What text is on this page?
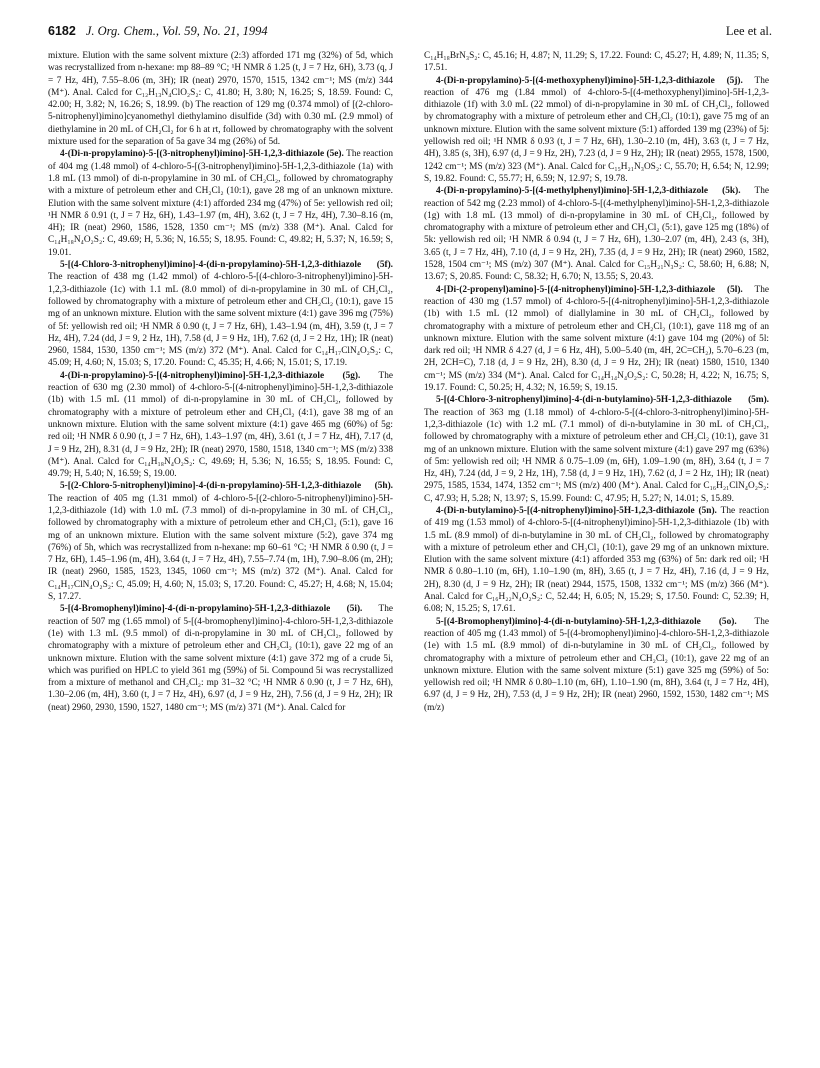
6182 J. Org. Chem., Vol. 59, No. 21, 1994	Lee et al.

mixture. Elution with the same solvent mixture (2:3) afforded 171 mg (32%) of 5d, which was recrystallized from n-hexane: mp 88–89 °C; ¹H NMR δ 1.25 (t, J = 7 Hz, 6H), 3.73 (q, J = 7 Hz, 4H), 7.55–8.06 (m, 3H); IR (neat) 2970, 1570, 1515, 1342 cm⁻¹; MS (m/z) 344 (M⁺). Anal. Calcd for C₁₂H₁₃N₄ClO₂S₂: C, 41.80; H, 3.80; N, 16.25; S, 18.59. Found: C, 42.00; H, 3.82; N, 16.26; S, 18.99. (b) The reaction of 129 mg (0.374 mmol) of [(2-chloro-5-nitrophenyl)imino]cyanomethyl diethylamino disulfide (3d) with 0.30 mL (2.9 mmol) of diethylamine in 20 mL of CH₂Cl₂ for 6 h at rt, followed by chromatography with the solvent mixture used for the separation of 5a gave 34 mg (26%) of 5d.

4-(Di-n-propylamino)-5-[(3-nitrophenyl)imino]-5H-1,2,3-dithiazole (5e). The reaction of 404 mg (1.48 mmol) of 4-chloro-5-[(3-nitrophenyl)imino]-5H-1,2,3-dithiazole (1a) with 1.8 mL (13 mmol) of di-n-propylamine in 30 mL of CH₂Cl₂, followed by chromatography with a mixture of petroleum ether and CH₂Cl₂ (10:1), gave 28 mg of an unknown mixture. Elution with the same solvent mixture (4:1) afforded 234 mg (47%) of 5e: yellowish red oil; ¹H NMR δ 0.91 (t, J = 7 Hz, 6H), 1.43–1.97 (m, 4H), 3.62 (t, J = 7 Hz, 4H), 7.30–8.16 (m, 4H); IR (neat) 2960, 1586, 1528, 1350 cm⁻¹; MS (m/z) 338 (M⁺). Anal. Calcd for C₁₄H₁₈N₄O₂S₂: C, 49.69; H, 5.36; N, 16.55; S, 18.95. Found: C, 49.82; H, 5.37; N, 16.59; S, 19.01.

5-[(4-Chloro-3-nitrophenyl)imino]-4-(di-n-propylamino)-5H-1,2,3-dithiazole (5f). The reaction of 438 mg (1.42 mmol) of 4-chloro-5-[(4-chloro-3-nitrophenyl)imino]-5H-1,2,3-dithiazole (1c) with 1.1 mL (8.0 mmol) of di-n-propylamine in 30 mL of CH₂Cl₂, followed by chromatography with a mixture of petroleum ether and CH₂Cl₂ (10:1), gave 15 mg of an unknown mixture. Elution with the same solvent mixture (4:1) gave 396 mg (75%) of 5f: yellowish red oil; ¹H NMR δ 0.90 (t, J = 7 Hz, 6H), 1.43–1.94 (m, 4H), 3.59 (t, J = 7 Hz, 4H), 7.24 (dd, J = 9, 2 Hz, 1H), 7.58 (d, J = 9 Hz, 1H), 7.62 (d, J = 2 Hz, 1H); IR (neat) 2960, 1584, 1530, 1350 cm⁻¹; MS (m/z) 372 (M⁺). Anal. Calcd for C₁₄H₁₇ClN₄O₂S₂: C, 45.09; H, 4.60; N, 15.03; S, 17.20. Found: C, 45.35; H, 4.66; N, 15.01; S, 17.19.

4-(Di-n-propylamino)-5-[(4-nitrophenyl)imino]-5H-1,2,3-dithiazole (5g). The reaction of 630 mg (2.30 mmol) of 4-chloro-5-[(4-nitrophenyl)imino]-5H-1,2,3-dithiazole (1b) with 1.5 mL (11 mmol) of di-n-propylamine in 30 mL of CH₂Cl₂, followed by chromatography with a mixture of petroleum ether and CH₂Cl₂ (4:1), gave 38 mg of an unknown mixture. Elution with the same solvent mixture (4:1) gave 465 mg (60%) of 5g: red oil; ¹H NMR δ 0.90 (t, J = 7 Hz, 6H), 1.43–1.97 (m, 4H), 3.61 (t, J = 7 Hz, 4H), 7.17 (d, J = 9 Hz, 2H), 8.31 (d, J = 9 Hz, 2H); IR (neat) 2970, 1580, 1518, 1340 cm⁻¹; MS (m/z) 338 (M⁺). Anal. Calcd for C₁₄H₁₈N₄O₂S₂: C, 49.69; H, 5.36; N, 16.55; S, 18.95. Found: C, 49.79; H, 5.40; N, 16.59; S, 19.00.

5-[(2-Chloro-5-nitrophenyl)imino]-4-(di-n-propylamino)-5H-1,2,3-dithiazole (5h). The reaction of 405 mg (1.31 mmol) of 4-chloro-5-[(2-chloro-5-nitrophenyl)imino]-5H-1,2,3-dithiazole (1d) with 1.0 mL (7.3 mmol) of di-n-propylamine in 30 mL of CH₂Cl₂, followed by chromatography with a mixture of petroleum ether and CH₂Cl₂ (5:1), gave 16 mg of an unknown mixture. Elution with the same solvent mixture (5:2), gave 374 mg (76%) of 5h, which was recrystallized from n-hexane: mp 60–61 °C; ¹H NMR δ 0.90 (t, J = 7 Hz, 6H), 1.45–1.96 (m, 4H), 3.64 (t, J = 7 Hz, 4H), 7.55–7.74 (m, 1H), 7.90–8.06 (m, 2H); IR (neat) 2960, 1585, 1523, 1345, 1060 cm⁻¹; MS (m/z) 372 (M⁺). Anal. Calcd for C₁₄H₁₇ClN₄O₂S₂: C, 45.09; H, 4.60; N, 15.03; S, 17.20. Found: C, 45.27; H, 4.68; N, 15.04; S, 17.27.

5-[(4-Bromophenyl)imino]-4-(di-n-propylamino)-5H-1,2,3-dithiazole (5i). The reaction of 507 mg (1.65 mmol) of 5-[(4-bromophenyl)imino]-4-chloro-5H-1,2,3-dithiazole (1e) with 1.3 mL (9.5 mmol) of di-n-propylamine in 30 mL of CH₂Cl₂, followed by chromatography with a mixture of petroleum ether and CH₂Cl₂ (10:1), gave 22 mg of an unknown mixture. Elution with the same solvent mixture (4:1) gave 372 mg of a crude 5i, which was purified on HPLC to yield 361 mg (59%) of 5i. Compound 5i was recrystallized from a mixture of methanol and CH₂Cl₂: mp 31–32 °C; ¹H NMR δ 0.90 (t, J = 7 Hz, 6H), 1.30–2.06 (m, 4H), 3.60 (t, J = 7 Hz, 4H), 6.97 (d, J = 9 Hz, 2H), 7.56 (d, J = 9 Hz, 2H); IR (neat) 2960, 2930, 1590, 1527, 1480 cm⁻¹; MS (m/z) 371 (M⁺). Anal. Calcd for

C₁₄H₁₈BrN₃S₂: C, 45.16; H, 4.87; N, 11.29; S, 17.22. Found: C, 45.27; H, 4.89; N, 11.35; S, 17.51.

4-(Di-n-propylamino)-5-[(4-methoxyphenyl)imino]-5H-1,2,3-dithiazole (5j). The reaction of 476 mg (1.84 mmol) of 4-chloro-5-[(4-methoxyphenyl)imino]-5H-1,2,3-dithiazole (1f) with 3.0 mL (22 mmol) of di-n-propylamine in 30 mL of CH₂Cl₂, followed by chromatography with a mixture of petroleum ether and CH₂Cl₂ (10:1), gave 75 mg of an unknown mixture. Elution with the same solvent mixture (5:1) afforded 139 mg (23%) of 5j: yellowish red oil; ¹H NMR δ 0.93 (t, J = 7 Hz, 6H), 1.30–2.10 (m, 4H), 3.63 (t, J = 7 Hz, 4H), 3.85 (s, 3H), 6.97 (d, J = 9 Hz, 2H), 7.23 (d, J = 9 Hz, 2H); IR (neat) 2955, 1578, 1500, 1242 cm⁻¹; MS (m/z) 323 (M⁺). Anal. Calcd for C₁₅H₂₁N₃OS₂: C, 55.70; H, 6.54; N, 12.99; S, 19.82. Found: C, 55.77; H, 6.59; N, 12.97; S, 19.78.

4-(Di-n-propylamino)-5-[(4-methylphenyl)imino]-5H-1,2,3-dithiazole (5k). The reaction of 542 mg (2.23 mmol) of 4-chloro-5-[(4-methylphenyl)imino]-5H-1,2,3-dithiazole (1g) with 1.8 mL (13 mmol) of di-n-propylamine in 30 mL of CH₂Cl₂, followed by chromatography with a mixture of petroleum ether and CH₂Cl₂ (5:1), gave 125 mg (18%) of 5k: yellowish red oil; ¹H NMR δ 0.94 (t, J = 7 Hz, 6H), 1.30–2.07 (m, 4H), 2.43 (s, 3H), 3.65 (t, J = 7 Hz, 4H), 7.10 (d, J = 9 Hz, 2H), 7.35 (d, J = 9 Hz, 2H); IR (neat) 2960, 1582, 1528, 1504 cm⁻¹; MS (m/z) 307 (M⁺). Anal. Calcd for C₁₅H₂₁N₃S₂: C, 58.60; H, 6.88; N, 13.67; S, 20.85. Found: C, 58.32; H, 6.70; N, 13.55; S, 20.43.

4-[Di-(2-propenyl)amino]-5-[(4-nitrophenyl)imino]-5H-1,2,3-dithiazole (5l). The reaction of 430 mg (1.57 mmol) of 4-chloro-5-[(4-nitrophenyl)imino]-5H-1,2,3-dithiazole (1b) with 1.5 mL (12 mmol) of diallylamine in 30 mL of CH₂Cl₂, followed by chromatography with a mixture of petroleum ether and CH₂Cl₂ (10:1), gave 118 mg of an unknown mixture. Elution with the same solvent mixture (4:1) gave 104 mg (20%) of 5l: dark red oil; ¹H NMR δ 4.27 (d, J = 6 Hz, 4H), 5.00–5.40 (m, 4H, 2C=CH₂), 5.70–6.23 (m, 2H, 2CH=C), 7.18 (d, J = 9 Hz, 2H), 8.30 (d, J = 9 Hz, 2H); IR (neat) 1580, 1510, 1340 cm⁻¹; MS (m/z) 334 (M⁺). Anal. Calcd for C₁₄H₁₄N₄O₂S₂: C, 50.28; H, 4.22; N, 16.75; S, 19.17. Found: C, 50.25; H, 4.32; N, 16.59; S, 19.15.

5-[(4-Chloro-3-nitrophenyl)imino]-4-(di-n-butylamino)-5H-1,2,3-dithiazole (5m). The reaction of 363 mg (1.18 mmol) of 4-chloro-5-[(4-chloro-3-nitrophenyl)imino]-5H-1,2,3-dithiazole (1c) with 1.2 mL (7.1 mmol) of di-n-butylamine in 30 mL of CH₂Cl₂, followed by chromatography with a mixture of petroleum ether and CH₂Cl₂ (10:1), gave 31 mg of an unknown mixture. Elution with the same solvent mixture (4:1) gave 297 mg (63%) of 5m: yellowish red oil; ¹H NMR δ 0.75–1.09 (m, 6H), 1.09–1.90 (m, 8H), 3.64 (t, J = 7 Hz, 4H), 7.24 (dd, J = 9, 2 Hz, 1H), 7.58 (d, J = 9 Hz, 1H), 7.62 (d, J = 2 Hz, 1H); IR (neat) 2975, 1585, 1534, 1474, 1352 cm⁻¹; MS (m/z) 400 (M⁺). Anal. Calcd for C₁₆H₂₁ClN₄O₂S₂: C, 47.93; H, 5.28; N, 13.97; S, 15.99. Found: C, 47.95; H, 5.27; N, 14.01; S, 15.89.

4-(Di-n-butylamino)-5-[(4-nitrophenyl)imino]-5H-1,2,3-dithiazole (5n). The reaction of 419 mg (1.53 mmol) of 4-chloro-5-[(4-nitrophenyl)imino]-5H-1,2,3-dithiazole (1b) with 1.5 mL (8.9 mmol) of di-n-butylamine in 30 mL of CH₂Cl₂, followed by chromatography with a mixture of petroleum ether and CH₂Cl₂ (10:1), gave 29 mg of an unknown mixture. Elution with the same solvent mixture (4:1) afforded 353 mg (63%) of 5n: dark red oil; ¹H NMR δ 0.80–1.10 (m, 6H), 1.10–1.90 (m, 8H), 3.65 (t, J = 7 Hz, 4H), 7.16 (d, J = 9 Hz, 2H), 8.30 (d, J = 9 Hz, 2H); IR (neat) 2944, 1575, 1508, 1332 cm⁻¹; MS (m/z) 366 (M⁺). Anal. Calcd for C₁₆H₂₂N₄O₂S₂: C, 52.44; H, 6.05; N, 15.29; S, 17.50. Found: C, 52.39; H, 6.08; N, 15.25; S, 17.61.

5-[(4-Bromophenyl)imino]-4-(di-n-butylamino)-5H-1,2,3-dithiazole (5o). The reaction of 405 mg (1.43 mmol) of 5-[(4-bromophenyl)imino]-4-chloro-5H-1,2,3-dithiazole (1e) with 1.5 mL (8.9 mmol) of di-n-butylamine in 30 mL of CH₂Cl₂, followed by chromatography with a mixture of petroleum ether and CH₂Cl₂ (10:1), gave 22 mg of an unknown mixture. Elution with the same solvent mixture (5:1) gave 325 mg (59%) of 5o: yellowish red oil; ¹H NMR δ 0.80–1.10 (m, 6H), 1.10–1.90 (m, 8H), 3.64 (t, J = 7 Hz, 4H), 6.97 (d, J = 9 Hz, 2H), 7.53 (d, J = 9 Hz, 2H); IR (neat) 2960, 1592, 1530, 1482 cm⁻¹; MS (m/z)
